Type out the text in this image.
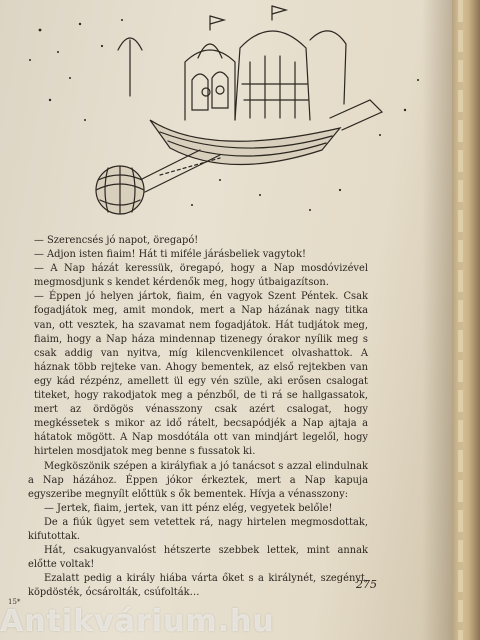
— Szerencsés jó napot, öregapó!

— Adjon isten fiaim! Hát ti miféle járásbeliek vagytok!

— A Nap házát keressük, öregapó, hogy a Nap mosdóvizével megmosdjunk s kendet kérdenők meg, hogy útbaigazítson.

— Éppen jó helyen jártok, fiaim, én vagyok Szent Péntek. Csak fogadjátok meg, amit mondok, mert a Nap házának nagy titka van, ott vesztek, ha szavamat nem fogadjátok. Hát tudjátok meg, fiaim, hogy a Nap háza mindennap tizenegy órakor nyílik meg s csak addig van nyitva, míg kilencvenkilencet olvashattok. A háznak több rejteke van. Ahogy bementek, az első rejtekben van egy kád rézpénz, amellett ül egy vén szüle, aki erősen csalogat titeket, hogy rakodjatok meg a pénzből, de ti rá se hallgassatok, mert az ördögös vénasszony csak azért csalogat, hogy megkéssetek s mikor az idő rátelt, becsapódjék a Nap ajtaja a hátatok mögött. A Nap mosdótála ott van mindjárt legelől, hogy hirtelen mosdjatok meg benne s fussatok ki.

Megköszönik szépen a királyfiak a jó tanácsot s azzal elindulnak a Nap házához. Éppen jókor érkeztek, mert a Nap kapuja egyszeribe megnyílt előttük s ők bementek. Hívja a vénasszony:

— Jertek, fiaim, jertek, van itt pénz elég, vegyetek belőle!

De a fiúk ügyet sem vetettek rá, nagy hirtelen megmosdottak, kifutottak.

Hát, csakugyanvalóst hétszerte szebbek lettek, mint annak előtte voltak!

Ezalatt pedig a király hiába várta őket s a királynét, szegényt, köpdösték, ócsárolták, csúfolták…

275
15*
Antikvárium.hu
